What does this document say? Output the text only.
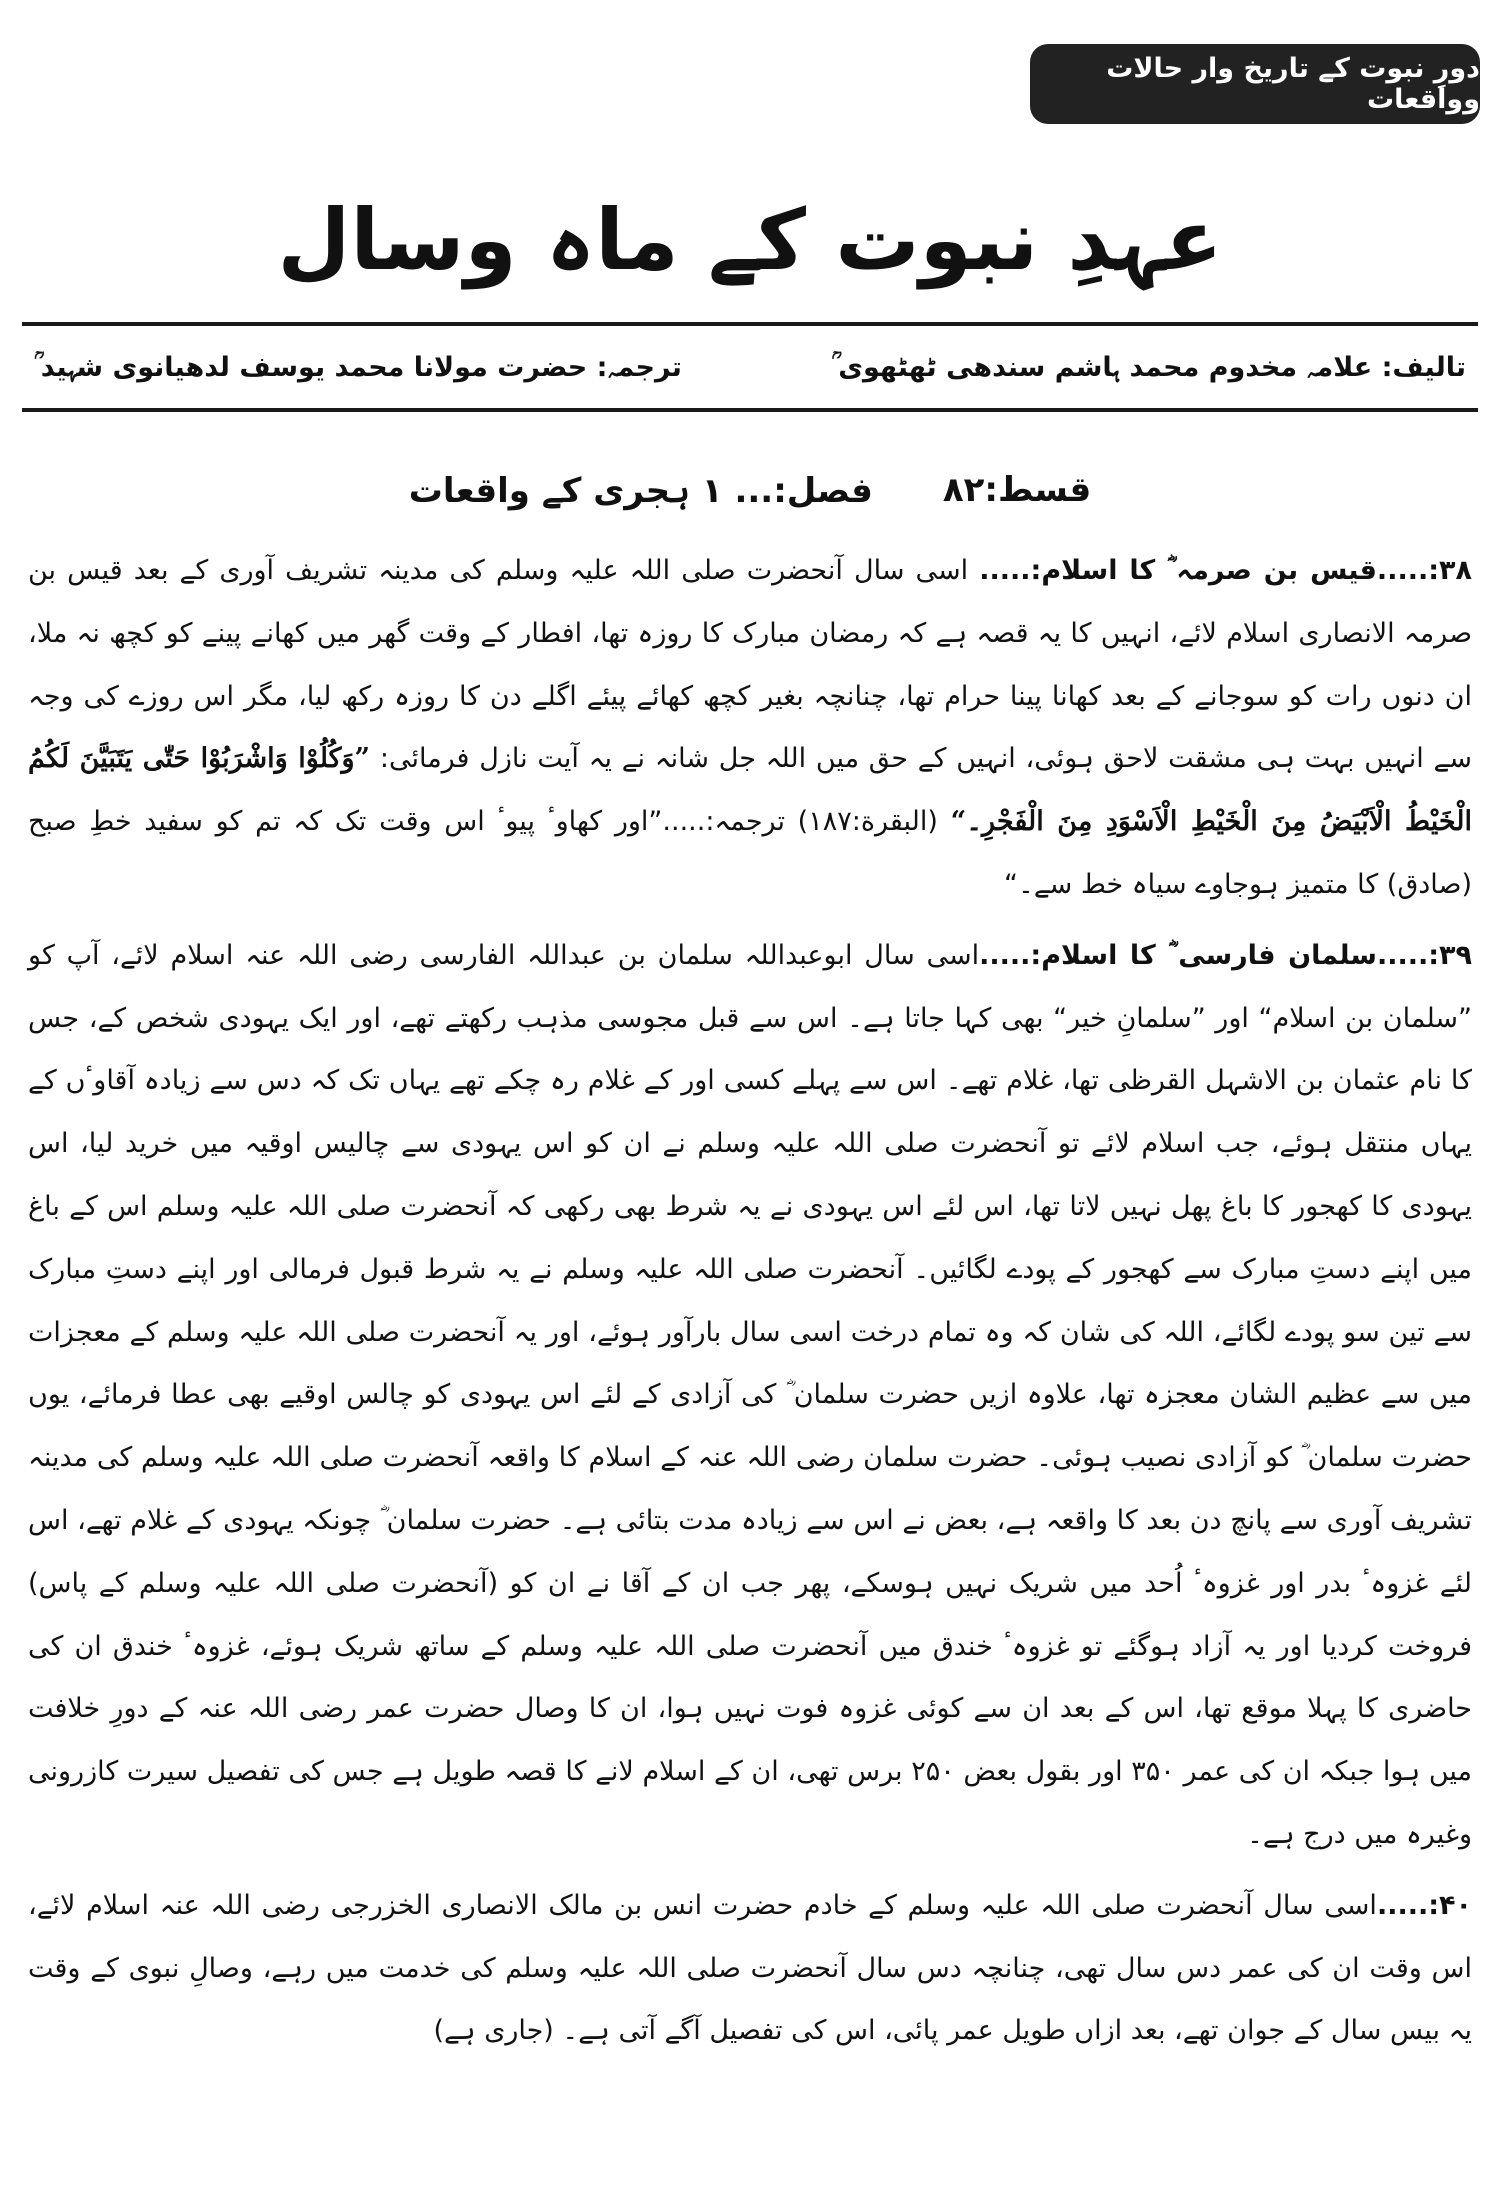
دورِ نبوت کے تاریخ وار حالات وواقعات
عہدِ نبوت کے ماہ وسال
تالیف: علامہ مخدوم محمد ہاشم سندھی ٹھٹھوی ؒ
ترجمہ: حضرت مولانا محمد یوسف لدھیانوی شہید ؒ
قسط:۸۲
فصل:... ۱ ہجری کے واقعات

۳۸:.....قیس بن صرمہ ؓ کا اسلام:..... اسی سال آنحضرت صلی اللہ علیہ وسلم کی مدینہ تشریف آوری کے بعد قیس بن صرمہ الانصاری اسلام لائے، انہیں کا یہ قصہ ہے کہ رمضان مبارک کا روزہ تھا، افطار کے وقت گھر میں کھانے پینے کو کچھ نہ ملا، ان دنوں رات کو سوجانے کے بعد کھانا پینا حرام تھا، چنانچہ بغیر کچھ کھائے پیئے اگلے دن کا روزہ رکھ لیا، مگر اس روزے کی وجہ سے انہیں بہت ہی مشقت لاحق ہوئی، انہیں کے حق میں اللہ جل شانہ نے یہ آیت نازل فرمائی: ”وَکُلُوْا وَاشْرَبُوْا حَتّٰی یَتَبَیَّنَ لَکُمُ الْخَیْطُ الْاَبْیَضُ مِنَ الْخَیْطِ الْاَسْوَدِ مِنَ الْفَجْرِ۔“ (البقرة:۱۸۷) ترجمہ:.....”اور کھاوٴ پیوٴ اس وقت تک کہ تم کو سفید خطِ صبح (صادق) کا متمیز ہوجاوے سیاہ خط سے۔“

۳۹:.....سلمان فارسی ؓ کا اسلام:.....اسی سال ابوعبداللہ سلمان بن عبداللہ الفارسی رضی اللہ عنہ اسلام لائے، آپ کو ”سلمان بن اسلام“ اور ”سلمانِ خیر“ بھی کہا جاتا ہے۔ اس سے قبل مجوسی مذہب رکھتے تھے، اور ایک یہودی شخص کے، جس کا نام عثمان بن الاشہل القرظی تھا، غلام تھے۔ اس سے پہلے کسی اور کے غلام رہ چکے تھے یہاں تک کہ دس سے زیادہ آقاوٴں کے یہاں منتقل ہوئے، جب اسلام لائے تو آنحضرت صلی اللہ علیہ وسلم نے ان کو اس یہودی سے چالیس اوقیہ میں خرید لیا، اس یہودی کا کھجور کا باغ پھل نہیں لاتا تھا، اس لئے اس یہودی نے یہ شرط بھی رکھی کہ آنحضرت صلی اللہ علیہ وسلم اس کے باغ میں اپنے دستِ مبارک سے کھجور کے پودے لگائیں۔ آنحضرت صلی اللہ علیہ وسلم نے یہ شرط قبول فرمالی اور اپنے دستِ مبارک سے تین سو پودے لگائے، اللہ کی شان کہ وہ تمام درخت اسی سال بارآور ہوئے، اور یہ آنحضرت صلی اللہ علیہ وسلم کے معجزات میں سے عظیم الشان معجزہ تھا، علاوہ ازیں حضرت سلمان ؓ کی آزادی کے لئے اس یہودی کو چالس اوقیے بھی عطا فرمائے، یوں حضرت سلمان ؓ کو آزادی نصیب ہوئی۔ حضرت سلمان رضی اللہ عنہ کے اسلام کا واقعہ آنحضرت صلی اللہ علیہ وسلم کی مدینہ تشریف آوری سے پانچ دن بعد کا واقعہ ہے، بعض نے اس سے زیادہ مدت بتائی ہے۔ حضرت سلمان ؓ چونکہ یہودی کے غلام تھے، اس لئے غزوہٴ بدر اور غزوہٴ اُحد میں شریک نہیں ہوسکے، پھر جب ان کے آقا نے ان کو (آنحضرت صلی اللہ علیہ وسلم کے پاس) فروخت کردیا اور یہ آزاد ہوگئے تو غزوہٴ خندق میں آنحضرت صلی اللہ علیہ وسلم کے ساتھ شریک ہوئے، غزوہٴ خندق ان کی حاضری کا پہلا موقع تھا، اس کے بعد ان سے کوئی غزوہ فوت نہیں ہوا، ان کا وصال حضرت عمر رضی اللہ عنہ کے دورِ خلافت میں ہوا جبکہ ان کی عمر ۳۵۰ اور بقول بعض ۲۵۰ برس تھی، ان کے اسلام لانے کا قصہ طویل ہے جس کی تفصیل سیرت کازرونی وغیرہ میں درج ہے۔

۴۰:.....اسی سال آنحضرت صلی اللہ علیہ وسلم کے خادم حضرت انس بن مالک الانصاری الخزرجی رضی اللہ عنہ اسلام لائے، اس وقت ان کی عمر دس سال تھی، چنانچہ دس سال آنحضرت صلی اللہ علیہ وسلم کی خدمت میں رہے، وصالِ نبوی کے وقت یہ بیس سال کے جوان تھے، بعد ازاں طویل عمر پائی، اس کی تفصیل آگے آتی ہے۔ (جاری ہے)
